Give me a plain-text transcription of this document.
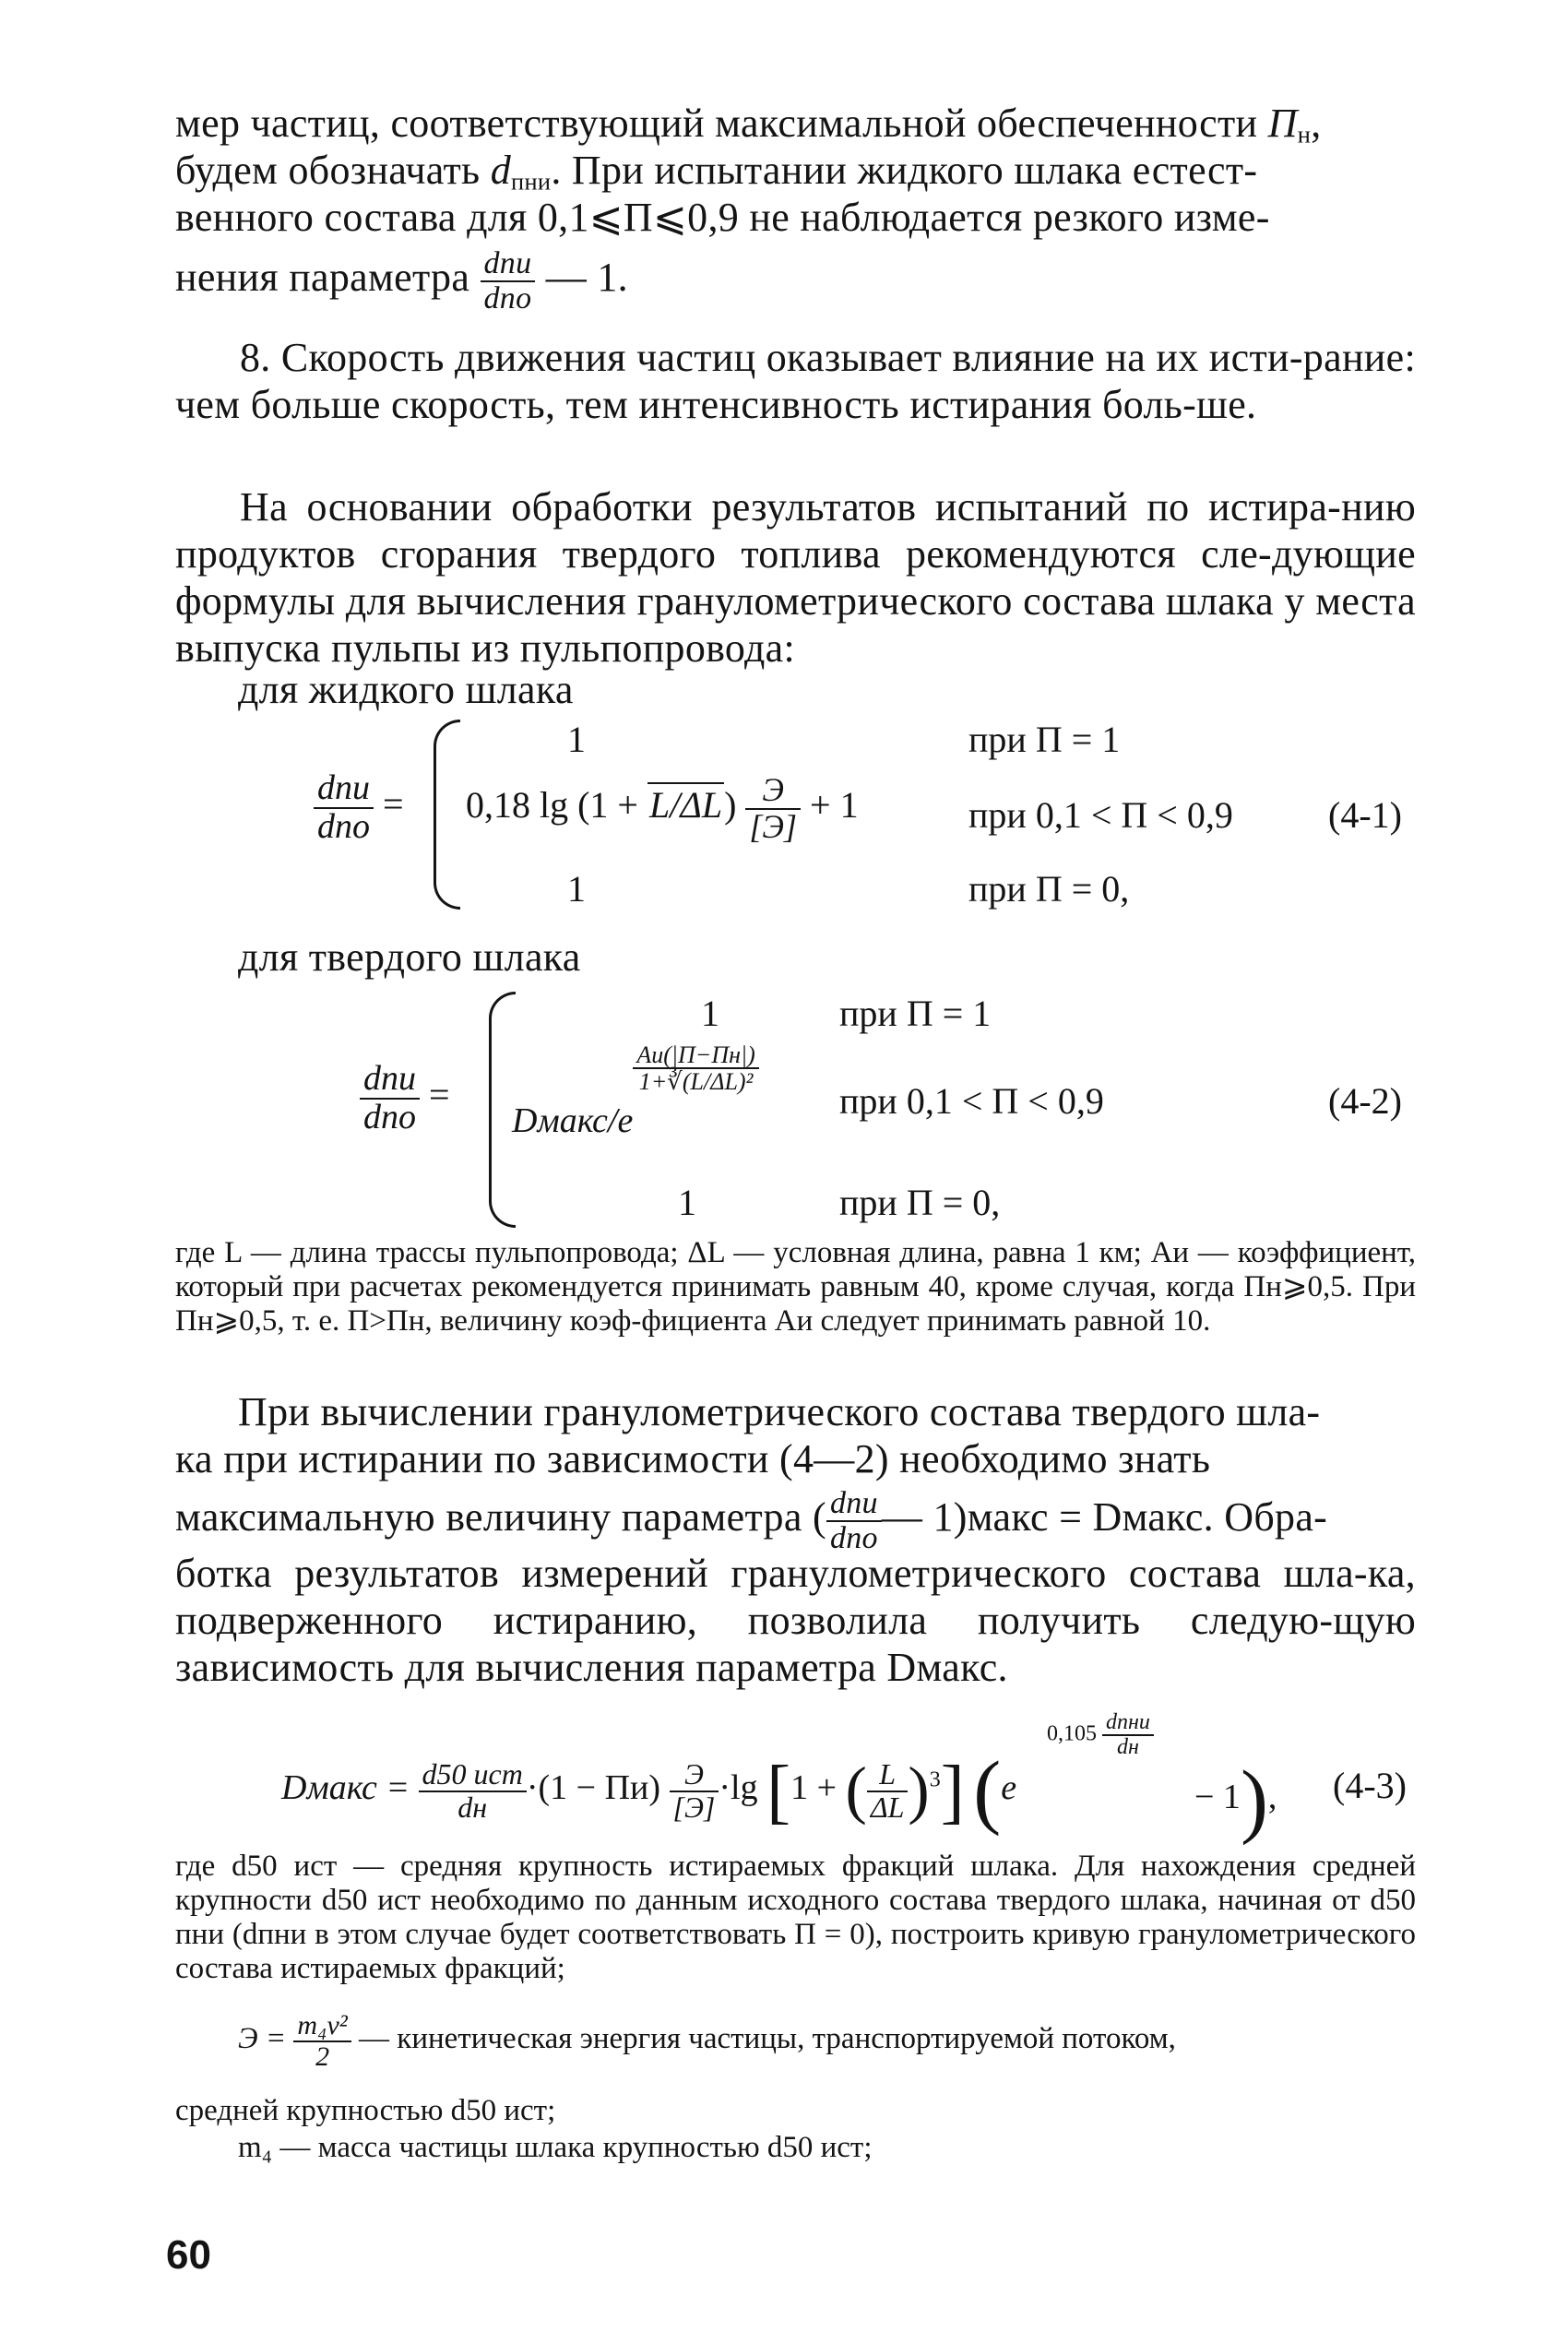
мер частиц, соответствующий максимальной обеспеченности $П_н$,
будем обозначать $d_{пни}$. При испытании жидкого шлака естест-
венного состава для 0,1⩽П⩽0,9 не наблюдается резкого изме-
нения параметра $\frac{\text{dпи}}{\text{dпо}}$ — 1.
8. Скорость движения частиц оказывает влияние на их исти-рание: чем больше скорость, тем интенсивность истирания боль-ше.
На основании обработки результатов испытаний по истира-нию продуктов сгорания твердого топлива рекомендуются сле-дующие формулы для вычисления гранулометрического состава шлака у места выпуска пульпы из пульпопровода:
для жидкого шлака
$\frac{\text{dпи}}{\text{dпо}}$ =
1	при П = 1
0,18 $\lg (1 + L/\Delta L) \frac{Э}{[Э]} + 1$	при 0,1 < П < 0,9
1	при П = 0,
(4-1)
для твердого шлака
$\frac{\text{dпи}}{\text{dпо}}$ =
1	при П = 1
Dмакс/e
$\frac{Aи(|П-Пн|)}{\text{1+∛(L/ΔL)²}}$
при 0,1 < П < 0,9
1	при П = 0,
(4-2)
где L — длина трассы пульпопровода; ΔL — условная длина, равна 1 км; Aи — коэффициент, который при расчетах рекомендуется принимать равным 40, кроме случая, когда Пн⩾0,5. При Пн⩾0,5, т. е. П>Пн, величину коэф-фициента Aи следует принимать равной 10.
При вычислении гранулометрического состава твердого шла-
ка при истирании по зависимости (4—2) необходимо знать
максимальную величину параметра ( $\frac{\text{dпи}}{\text{dпо}}$ — 1)макс = Dмакс. Обра-
ботка результатов измерений гранулометрического состава шла-ка, подверженного истиранию, позволила получить следую-щую зависимость для вычисления параметра Dмакс.
Dмакс = $\frac{\text{d50 ист}}{dн} \cdot(1 - Пи) \frac{Э}{[Э]} \cdot\lg$ [1 + ( $\frac{L}{\Delta L} )^3$] (e
$0,105 \frac{\text{dпни}}{dн}$
− 1), (4-3)
где d50 ист — средняя крупность истираемых фракций шлака. Для нахождения средней крупности d50 ист необходимо по данным исходного состава твердого шлака, начиная от d50 пни (dпни в этом случае будет соответствовать П = 0), построить кривую гранулометрического состава истираемых фракций;
$Э = \frac{\text{m₄v²}}{2}$ — кинетическая энергия частицы, транспортируемой потоком,
средней крупностью d50 ист;
m₄ — масса частицы шлака крупностью d50 ист;
60
